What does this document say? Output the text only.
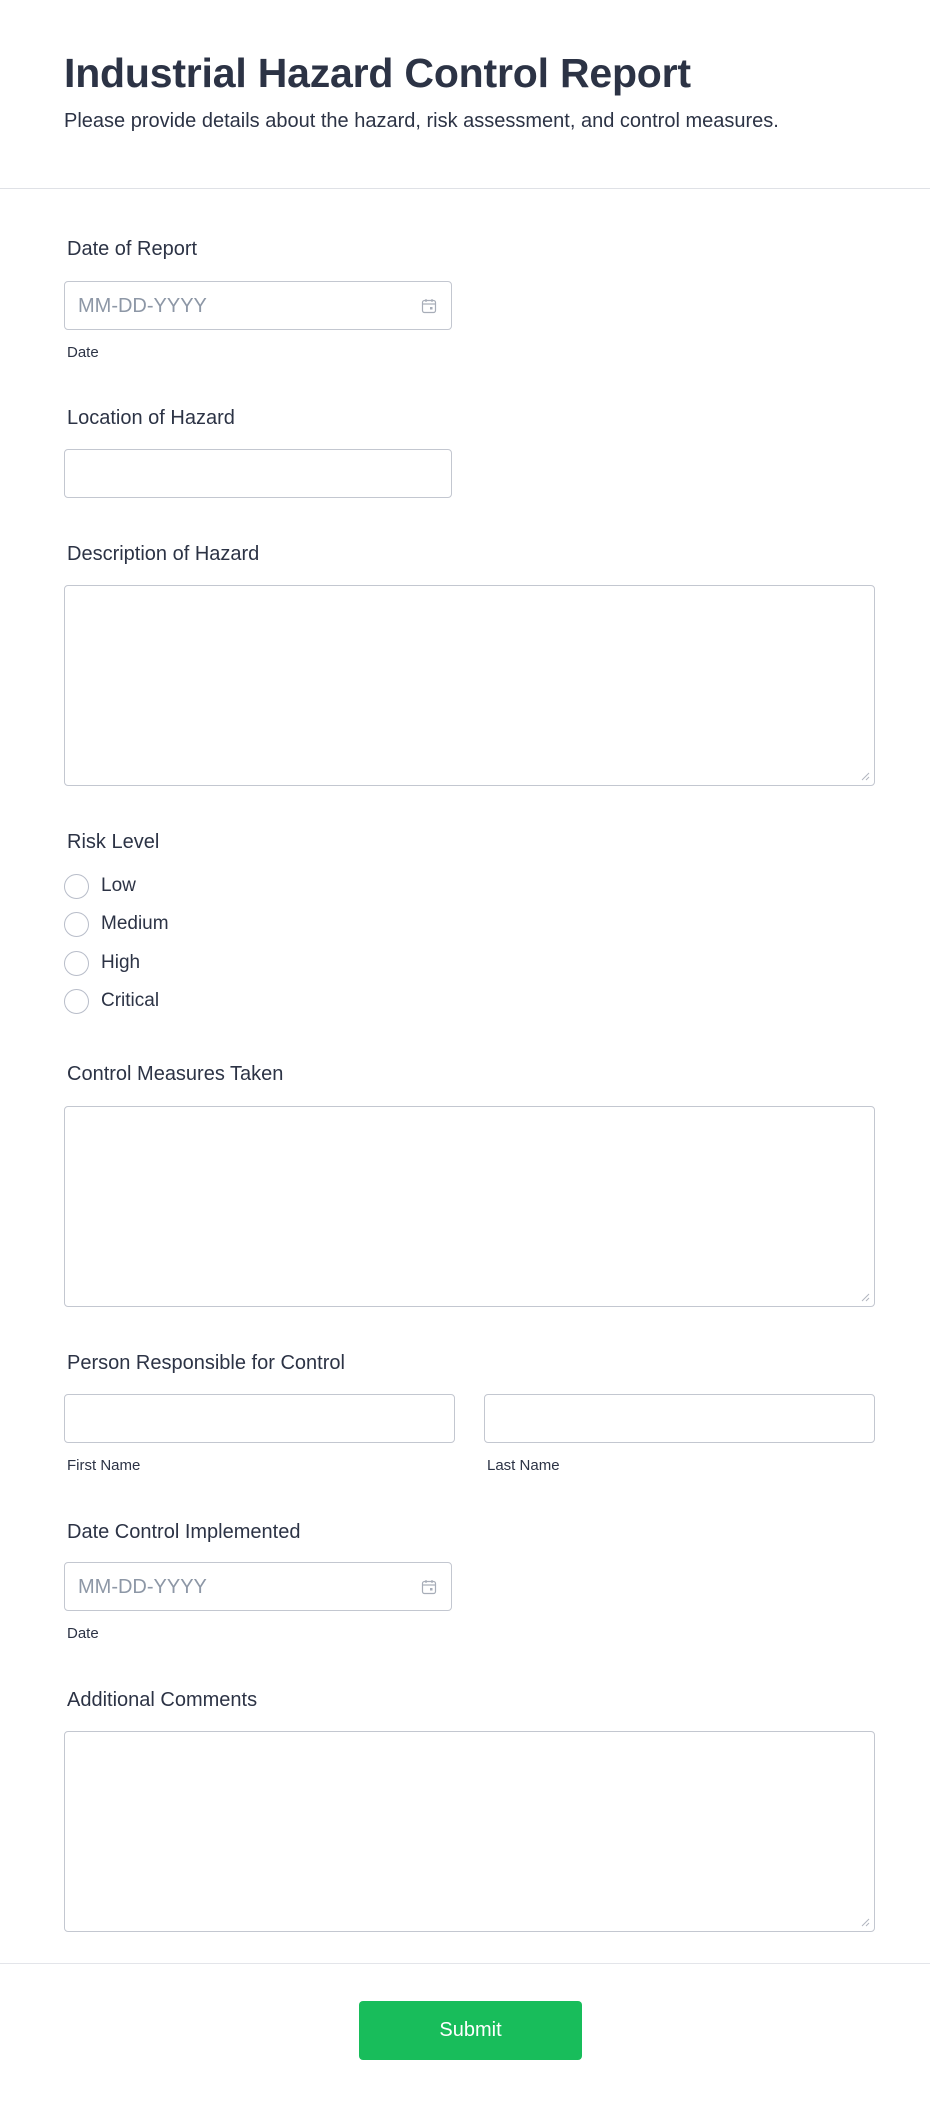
Industrial Hazard Control Report

Please provide details about the hazard, risk assessment, and control measures.

Date of Report
MM-DD-YYYY
Date
Location of Hazard
Description of Hazard
Risk Level
Low
Medium
High
Critical
Control Measures Taken
Person Responsible for Control
First Name	Last Name
Date Control Implemented
MM-DD-YYYY
Date
Additional Comments
Submit
